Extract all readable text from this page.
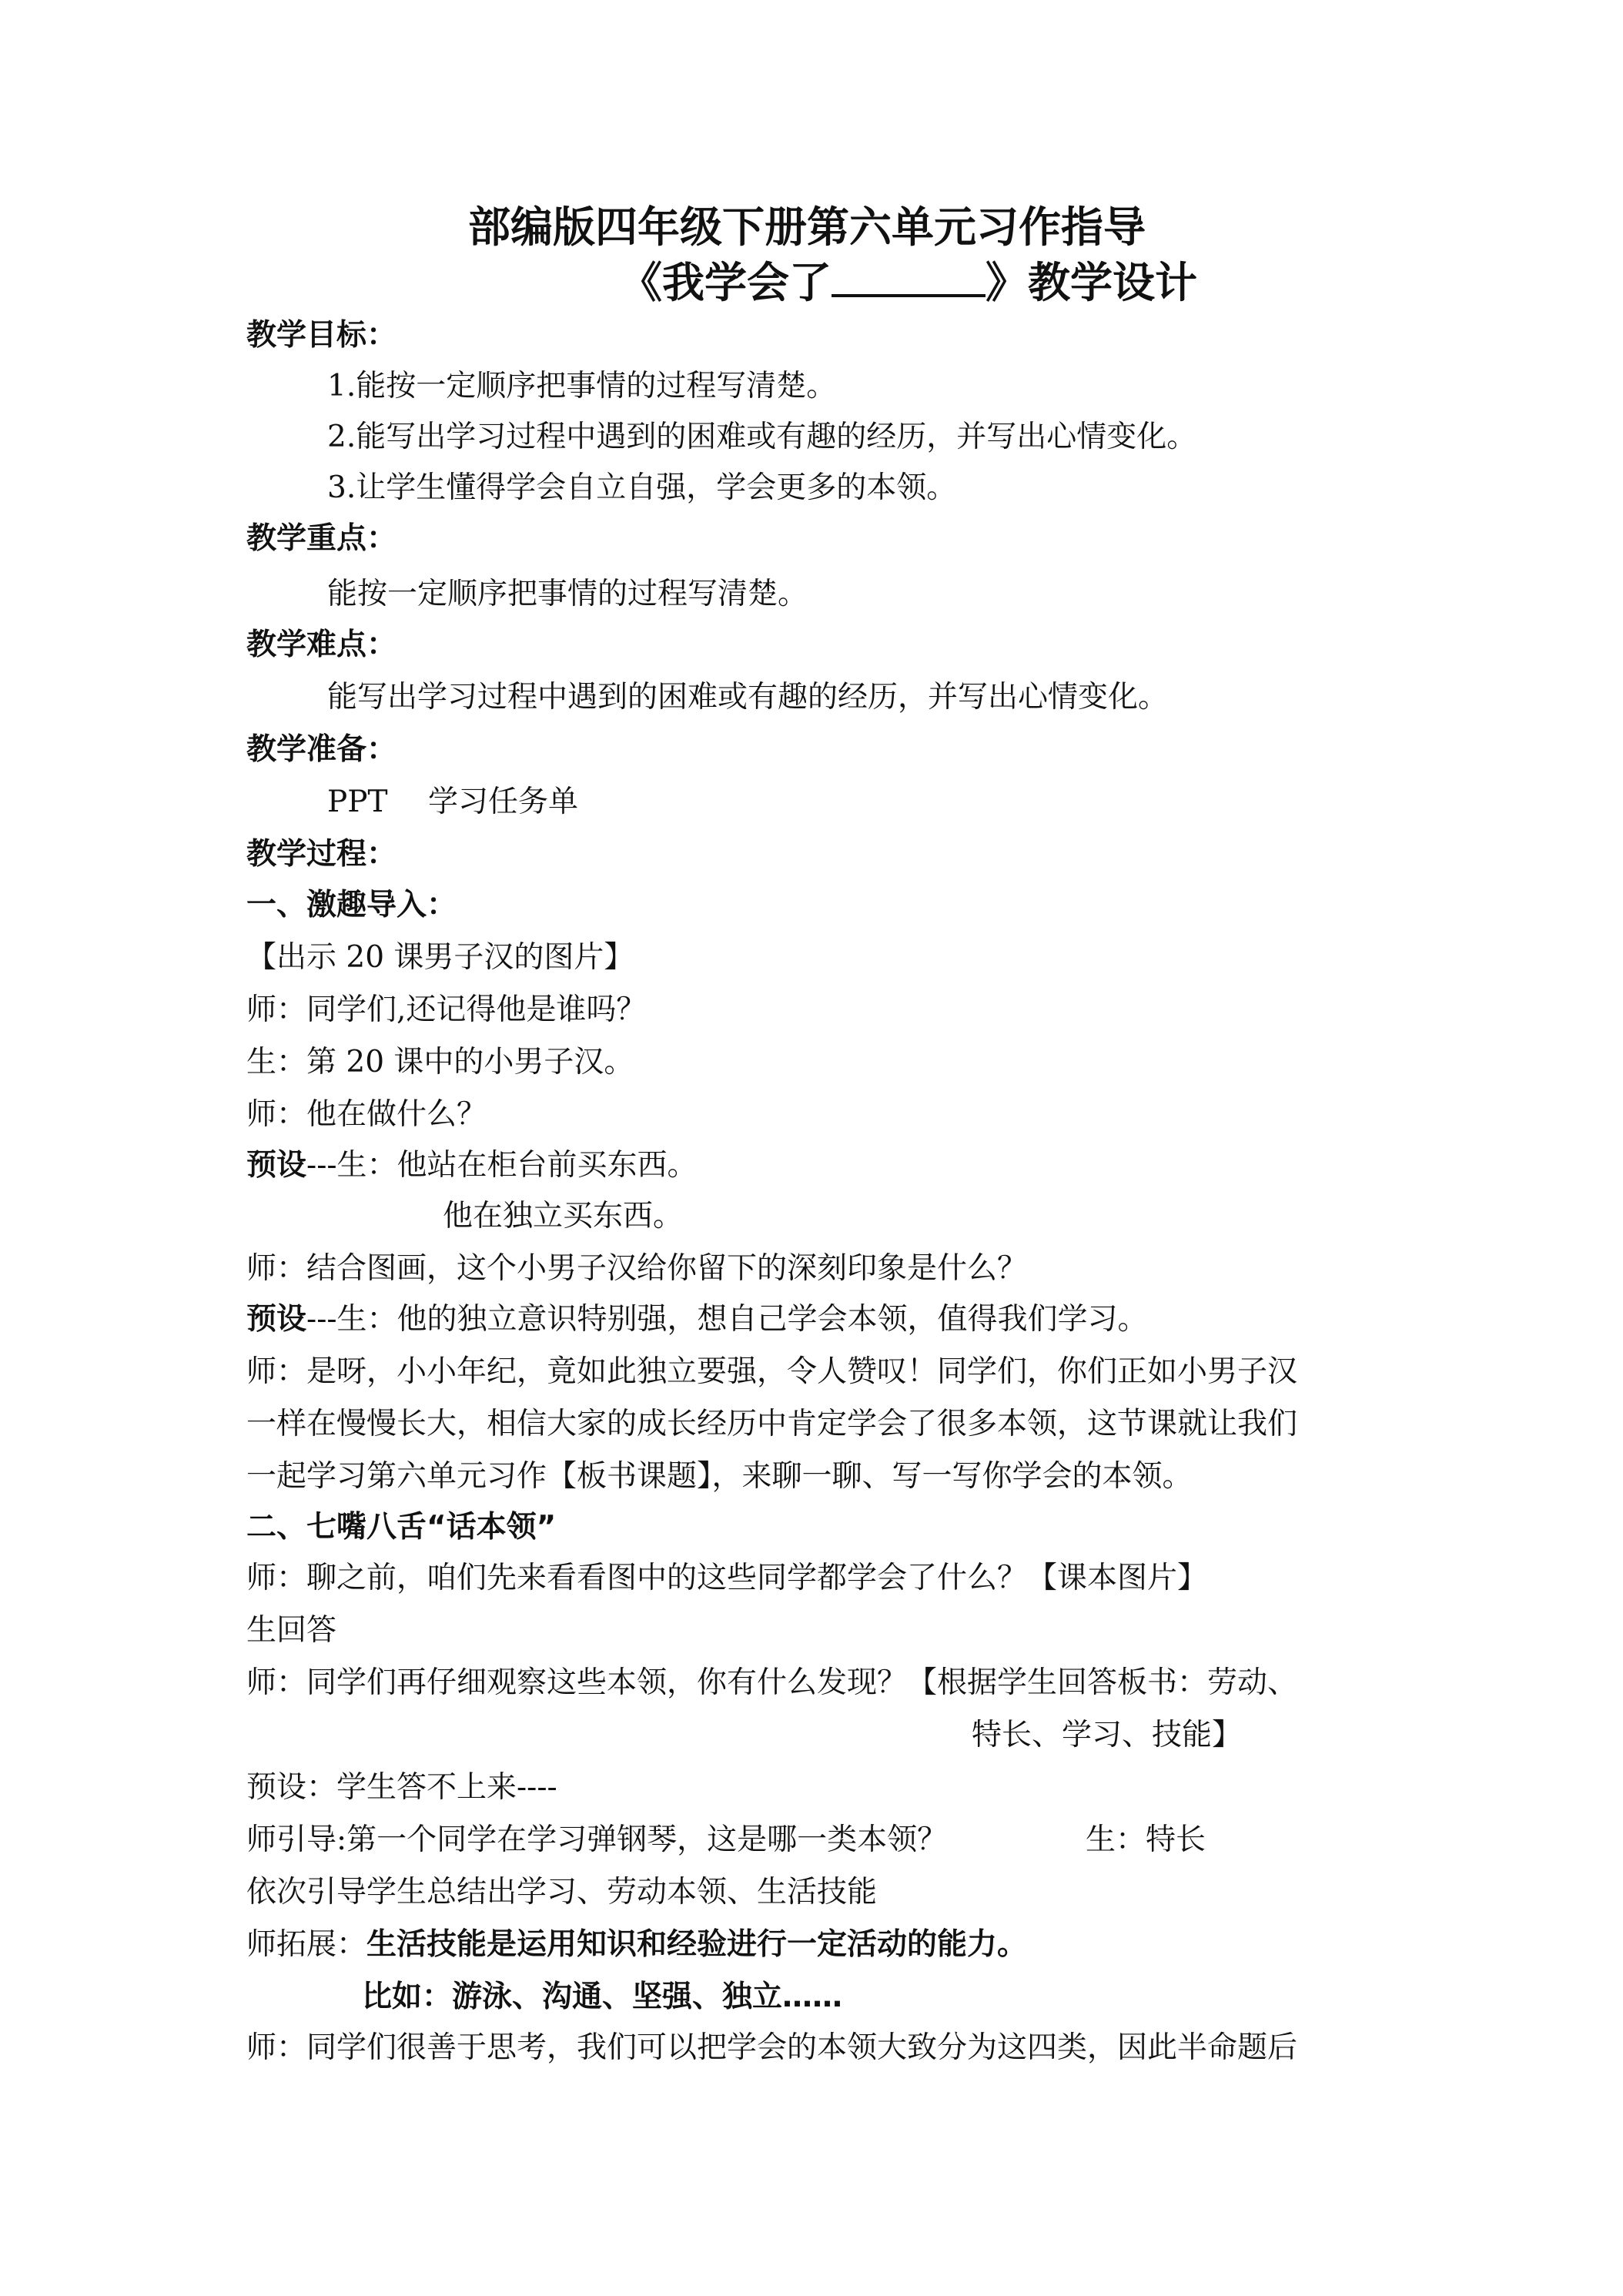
部编版四年级下册第六单元习作指导
《我学会了	》教学设计
教学目标：
1.能按一定顺序把事情的过程写清楚。
2.能写出学习过程中遇到的困难或有趣的经历，并写出心情变化。
3.让学生懂得学会自立自强，学会更多的本领。
教学重点：
能按一定顺序把事情的过程写清楚。
教学难点：
能写出学习过程中遇到的困难或有趣的经历，并写出心情变化。
教学准备：
PPT 学习任务单
教学过程：
一、激趣导入：
【出示 20 课男子汉的图片】
师：同学们,还记得他是谁吗？
生：第 20 课中的小男子汉。
师：他在做什么？
预设---生：他站在柜台前买东西。
他在独立买东西。
师：结合图画，这个小男子汉给你留下的深刻印象是什么？
预设---生：他的独立意识特别强，想自己学会本领，值得我们学习。
师：是呀，小小年纪，竟如此独立要强，令人赞叹！同学们，你们正如小男子汉
一样在慢慢长大，相信大家的成长经历中肯定学会了很多本领，这节课就让我们
一起学习第六单元习作【板书课题】，来聊一聊、写一写你学会的本领。
二、七嘴八舌“话本领”
师：聊之前，咱们先来看看图中的这些同学都学会了什么？【课本图片】
生回答
师：同学们再仔细观察这些本领，你有什么发现？【根据学生回答板书：劳动、
特长、学习、技能】
预设：学生答不上来----
师引导:第一个同学在学习弹钢琴，这是哪一类本领？	生：特长
依次引导学生总结出学习、劳动本领、生活技能
师拓展：生活技能是运用知识和经验进行一定活动的能力。
比如：游泳、沟通、坚强、独立……
师：同学们很善于思考，我们可以把学会的本领大致分为这四类，因此半命题后
